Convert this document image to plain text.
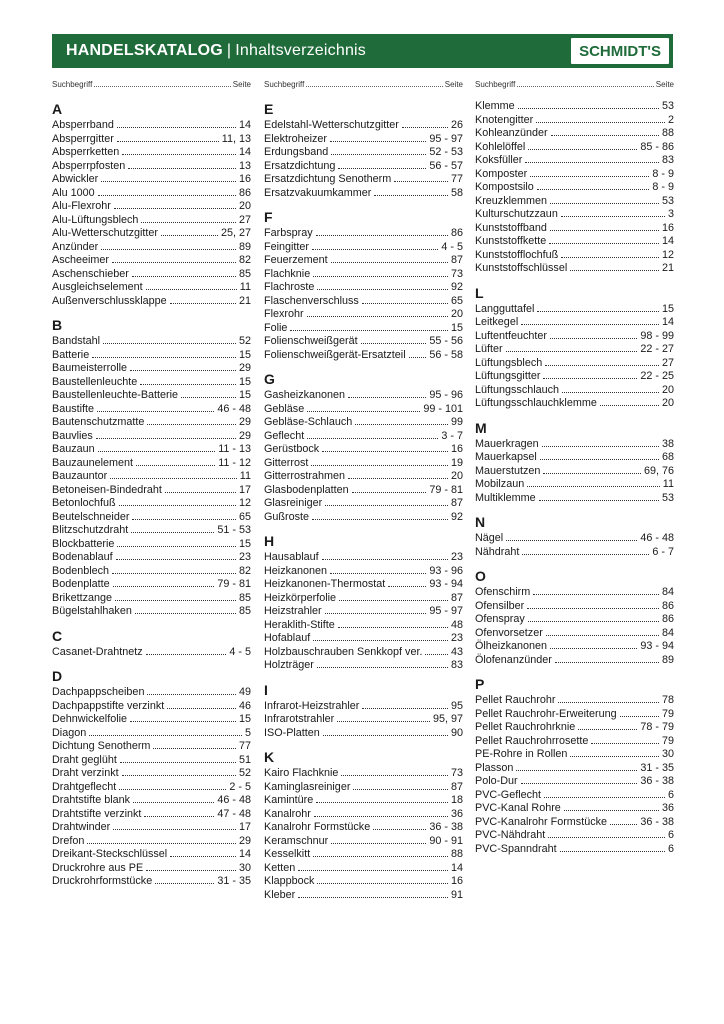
HANDELSKATALOG | Inhaltsverzeichnis	SCHMIDT'S
Suchbegriff	Seite Suchbegriff	Seite Suchbegriff	Seite
A
Absperrband	14
Absperrgitter	11, 13
Absperrketten	14
Absperrpfosten	13
Abwickler	16
Alu 1000	86
Alu-Flexrohr	20
Alu-Lüftungsblech	27
Alu-Wetterschutzgitter	25, 27
Anzünder	89
Ascheeimer	82
Aschenschieber	85
Ausgleichselement	11
Außenverschlussklappe	21
B
Bandstahl	52
Batterie	15
Baumeisterrolle	29
Baustellenleuchte	15
Baustellenleuchte-Batterie	15
Baustifte	46 - 48
Bautenschutzmatte	29
Bauvlies	29
Bauzaun	11 - 13
Bauzaunelement	11 - 12
Bauzauntor	11
Betoneisen-Bindedraht	17
Betonlochfuß	12
Beutelschneider	65
Blitzschutzdraht	51 - 53
Blockbatterie	15
Bodenablauf	23
Bodenblech	82
Bodenplatte	79 - 81
Brikettzange	85
Bügelstahlhaken	85
C
Casanet-Drahtnetz	4 - 5
D
Dachpappscheiben	49
Dachpappstifte verzinkt	46
Dehnwickelfolie	15
Diagon	5
Dichtung Senotherm	77
Draht geglüht	51
Draht verzinkt	52
Drahtgeflecht	2 - 5
Drahtstifte blank	46 - 48
Drahtstifte verzinkt	47 - 48
Drahtwinder	17
Drefon	29
Dreikant-Steckschlüssel	14
Druckrohre aus PE	30
Druckrohrformstücke	31 - 35
E
Edelstahl-Wetterschutzgitter	26
Elektroheizer	95 - 97
Erdungsband	52 - 53
Ersatzdichtung	56 - 57
Ersatzdichtung Senotherm	77
Ersatzvakuumkammer	58
F
Farbspray	86
Feingitter	4 - 5
Feuerzement	87
Flachknie	73
Flachroste	92
Flaschenverschluss	65
Flexrohr	20
Folie	15
Folienschweißgerät	55 - 56
Folienschweißgerät-Ersatzteil 56 - 58
G
Gasheizkanonen	95 - 96
Gebläse	99 - 101
Gebläse-Schlauch	99
Geflecht	3 - 7
Gerüstbock	16
Gitterrost	19
Gitterrostrahmen	20
Glasbodenplatten	79 - 81
Glasreiniger	87
Gußroste	92
H
Hausablauf	23
Heizkanonen	93 - 96
Heizkanonen-Thermostat	93 - 94
Heizkörperfolie	87
Heizstrahler	95 - 97
Heraklith-Stifte	48
Hofablauf	23
Holzbauschrauben Senkkopf ver.	43
Holzträger	83
I
Infrarot-Heizstrahler	95
Infrarotstrahler	95, 97
ISO-Platten	90
K
Kairo Flachknie	73
Kaminglasreiniger	87
Kamintüre	18
Kanalrohr	36
Kanalrohr Formstücke	36 - 38
Keramschnur	90 - 91
Kesselkitt	88
Ketten	14
Klappbock	16
Kleber	91
Klemme	53
Knotengitter	2
Kohleanzünder	88
Kohlelöffel	85 - 86
Koksfüller	83
Komposter	8 - 9
Kompostsilo	8 - 9
Kreuzklemmen	53
Kulturschutzzaun	3
Kunststoffband	16
Kunststoffkette	14
Kunststofflochfuß	12
Kunststoffschlüssel	21
L
Langguttafel	15
Leitkegel	14
Luftentfeuchter	98 - 99
Lüfter	22 - 27
Lüftungsblech	27
Lüftungsgitter	22 - 25
Lüftungsschlauch	20
Lüftungsschlauchklemme	20
M
Mauerkragen	38
Mauerkapsel	68
Mauerstutzen	69, 76
Mobilzaun	11
Multiklemme	53
N
Nägel	46 - 48
Nähdraht	6 - 7
O
Ofenschirm	84
Ofensilber	86
Ofenspray	86
Ofenvorsetzer	84
Ölheizkanonen	93 - 94
Ölofenanzünder	89
P
Pellet Rauchrohr	78
Pellet Rauchrohr-Erweiterung	79
Pellet Rauchrohrknie	78 - 79
Pellet Rauchrohrrosette	79
PE-Rohre in Rollen	30
Plasson	31 - 35
Polo-Dur	36 - 38
PVC-Geflecht	6
PVC-Kanal Rohre	36
PVC-Kanalrohr Formstücke	36 - 38
PVC-Nähdraht	6
PVC-Spanndraht	6
